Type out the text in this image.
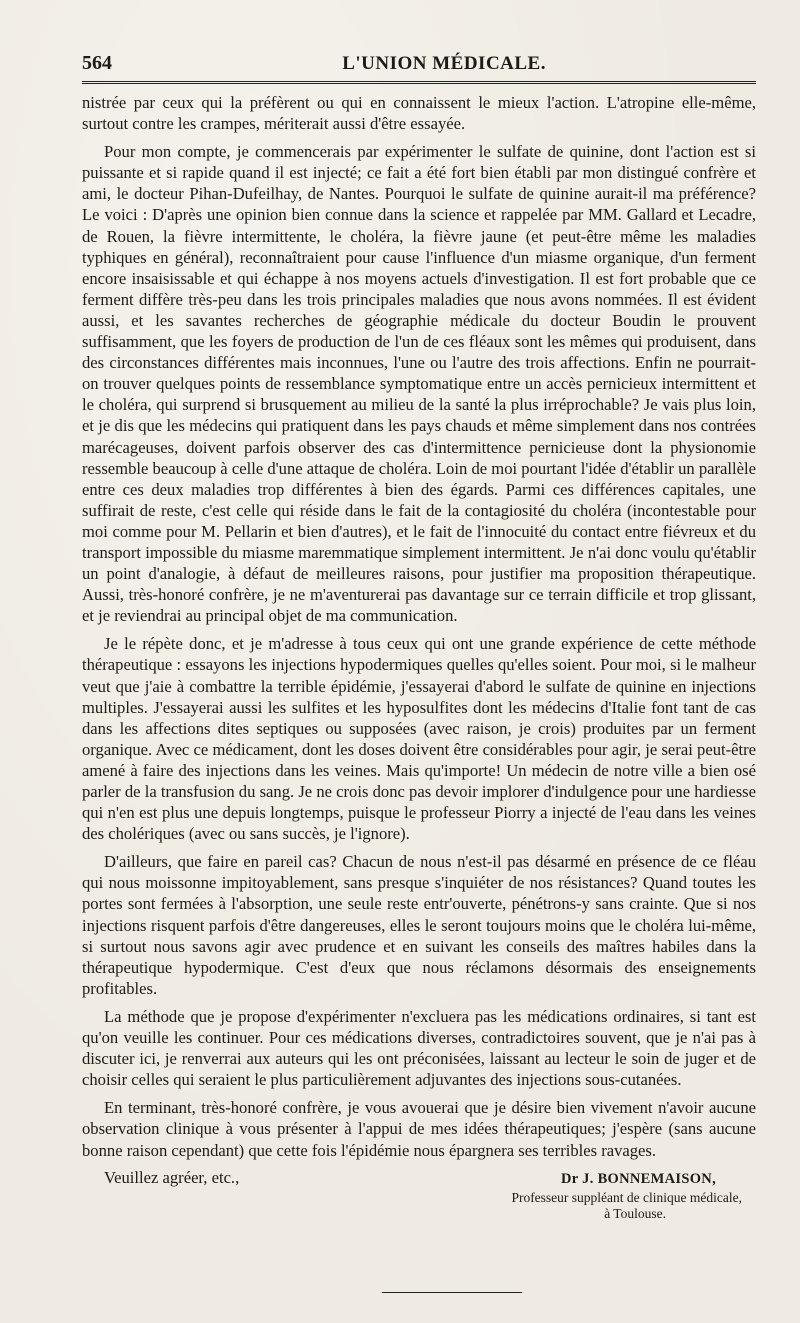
564	L'UNION MÉDICALE.

nistrée par ceux qui la préfèrent ou qui en connaissent le mieux l'action. L'atropine elle-même, surtout contre les crampes, mériterait aussi d'être essayée.

Pour mon compte, je commencerais par expérimenter le sulfate de quinine, dont l'action est si puissante et si rapide quand il est injecté; ce fait a été fort bien établi par mon distingué confrère et ami, le docteur Pihan-Dufeilhay, de Nantes. Pourquoi le sulfate de quinine aurait-il ma préférence? Le voici : D'après une opinion bien connue dans la science et rappelée par MM. Gallard et Lecadre, de Rouen, la fièvre intermittente, le choléra, la fièvre jaune (et peut-être même les maladies typhiques en général), reconnaîtraient pour cause l'influence d'un miasme organique, d'un ferment encore insaisissable et qui échappe à nos moyens actuels d'investigation. Il est fort probable que ce ferment diffère très-peu dans les trois principales maladies que nous avons nommées. Il est évident aussi, et les savantes recherches de géographie médicale du docteur Boudin le prouvent suffisamment, que les foyers de production de l'un de ces fléaux sont les mêmes qui produisent, dans des circonstances différentes mais inconnues, l'une ou l'autre des trois affections. Enfin ne pourrait-on trouver quelques points de ressemblance symptomatique entre un accès pernicieux intermittent et le choléra, qui surprend si brusquement au milieu de la santé la plus irréprochable? Je vais plus loin, et je dis que les médecins qui pratiquent dans les pays chauds et même simplement dans nos contrées marécageuses, doivent parfois observer des cas d'intermittence pernicieuse dont la physionomie ressemble beaucoup à celle d'une attaque de choléra. Loin de moi pourtant l'idée d'établir un parallèle entre ces deux maladies trop différentes à bien des égards. Parmi ces différences capitales, une suffirait de reste, c'est celle qui réside dans le fait de la contagiosité du choléra (incontestable pour moi comme pour M. Pellarin et bien d'autres), et le fait de l'innocuité du contact entre fiévreux et du transport impossible du miasme maremmatique simplement intermittent. Je n'ai donc voulu qu'établir un point d'analogie, à défaut de meilleures raisons, pour justifier ma proposition thérapeutique. Aussi, très-honoré confrère, je ne m'aventurerai pas davantage sur ce terrain difficile et trop glissant, et je reviendrai au principal objet de ma communication.

Je le répète donc, et je m'adresse à tous ceux qui ont une grande expérience de cette méthode thérapeutique : essayons les injections hypodermiques quelles qu'elles soient. Pour moi, si le malheur veut que j'aie à combattre la terrible épidémie, j'essayerai d'abord le sulfate de quinine en injections multiples. J'essayerai aussi les sulfites et les hyposulfites dont les médecins d'Italie font tant de cas dans les affections dites septiques ou supposées (avec raison, je crois) produites par un ferment organique. Avec ce médicament, dont les doses doivent être considérables pour agir, je serai peut-être amené à faire des injections dans les veines. Mais qu'importe! Un médecin de notre ville a bien osé parler de la transfusion du sang. Je ne crois donc pas devoir implorer d'indulgence pour une hardiesse qui n'en est plus une depuis longtemps, puisque le professeur Piorry a injecté de l'eau dans les veines des cholériques (avec ou sans succès, je l'ignore).

D'ailleurs, que faire en pareil cas? Chacun de nous n'est-il pas désarmé en présence de ce fléau qui nous moissonne impitoyablement, sans presque s'inquiéter de nos résistances? Quand toutes les portes sont fermées à l'absorption, une seule reste entr'ouverte, pénétrons-y sans crainte. Que si nos injections risquent parfois d'être dangereuses, elles le seront toujours moins que le choléra lui-même, si surtout nous savons agir avec prudence et en suivant les conseils des maîtres habiles dans la thérapeutique hypodermique. C'est d'eux que nous réclamons désormais des enseignements profitables.

La méthode que je propose d'expérimenter n'excluera pas les médications ordinaires, si tant est qu'on veuille les continuer. Pour ces médications diverses, contradictoires souvent, que je n'ai pas à discuter ici, je renverrai aux auteurs qui les ont préconisées, laissant au lecteur le soin de juger et de choisir celles qui seraient le plus particulièrement adjuvantes des injections sous-cutanées.

En terminant, très-honoré confrère, je vous avouerai que je désire bien vivement n'avoir aucune observation clinique à vous présenter à l'appui de mes idées thérapeutiques; j'espère (sans aucune bonne raison cependant) que cette fois l'épidémie nous épargnera ses terribles ravages.

Veuillez agréer, etc.,	Dr J. BONNEMAISON,
Professeur suppléant de clinique médicale,
à Toulouse.
